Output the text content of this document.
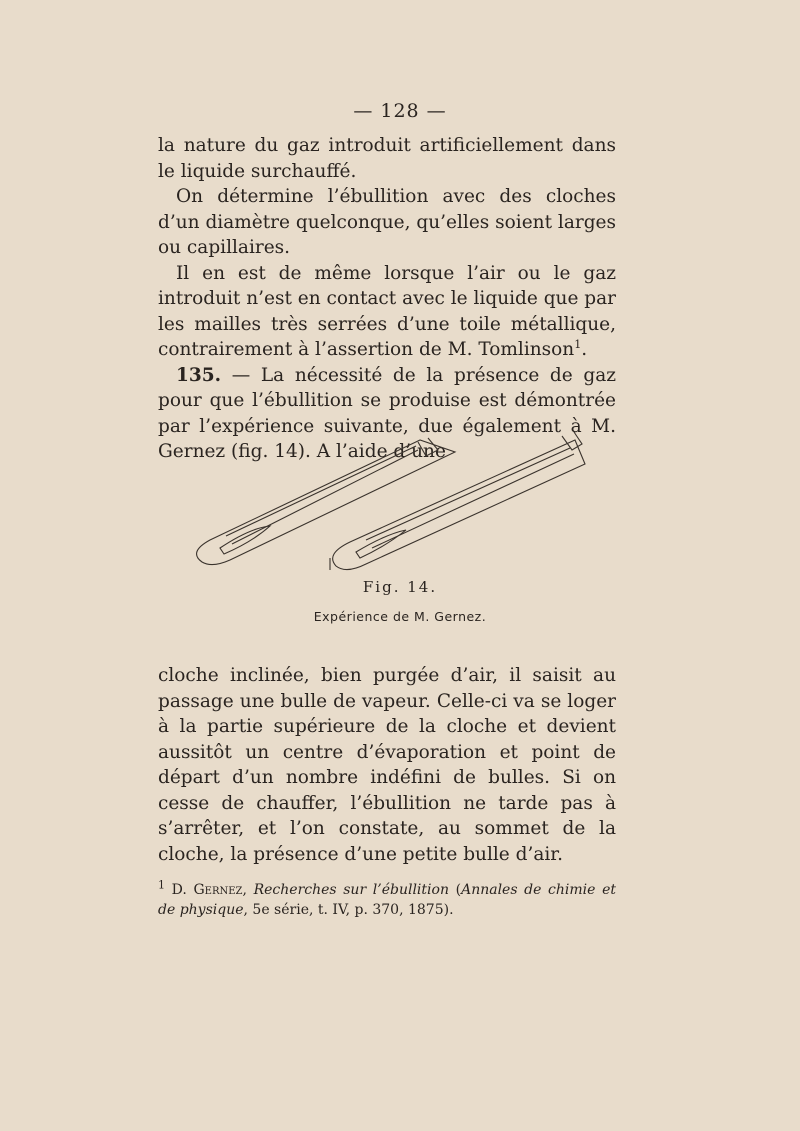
— 128 —

la nature du gaz introduit artificiellement dans le liquide surchauffé.

On détermine l’ébullition avec des cloches d’un diamètre quelconque, qu’elles soient larges ou capillaires.

Il en est de même lorsque l’air ou le gaz introduit n’est en contact avec le liquide que par les mailles très serrées d’une toile métallique, contrairement à l’assertion de M. Tomlinson$^1$.

135. — La nécessité de la présence de gaz pour que l’ébullition se produise est démontrée par l’expérience suivante, due également à M. Gernez (fig. 14). A l’aide d’une

Fig. 14.
Expérience de M. Gernez.

cloche inclinée, bien purgée d’air, il saisit au passage une bulle de vapeur. Celle-ci va se loger à la partie supérieure de la cloche et devient aussitôt un centre d’évaporation et point de départ d’un nombre indéfini de bulles. Si on cesse de chauffer, l’ébullition ne tarde pas à s’arrêter, et l’on constate, au sommet de la cloche, la présence d’une petite bulle d’air.

$^1$ D. Gernez, Recherches sur l’ébullition (Annales de chimie et de physique, 5e série, t. IV, p. 370, 1875).
